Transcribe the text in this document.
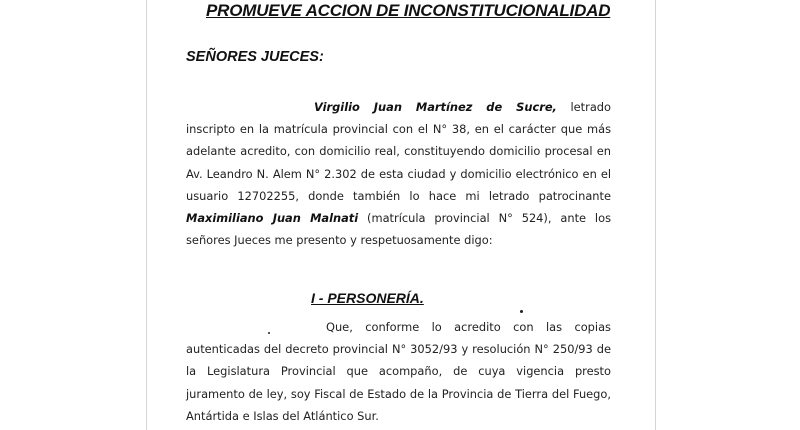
PROMUEVE ACCION DE INCONSTITUCIONALIDAD

SEÑORES JUECES:

Virgilio Juan Martínez de Sucre, letrado inscripto en la matrícula provincial con el N° 38, en el carácter que más adelante acredito, con domicilio real, constituyendo domicilio procesal en Av. Leandro N. Alem N° 2.302 de esta ciudad y domicilio electrónico en el usuario 12702255, donde también lo hace mi letrado patrocinante Maximiliano Juan Malnati (matrícula provincial N° 524), ante los señores Jueces me presento y respetuosamente digo:

I - PERSONERÍA.

Que, conforme lo acredito con las copias autenticadas del decreto provincial N° 3052/93 y resolución N° 250/93 de la Legislatura Provincial que acompaño, de cuya vigencia presto juramento de ley, soy Fiscal de Estado de la Provincia de Tierra del Fuego, Antártida e Islas del Atlántico Sur.
